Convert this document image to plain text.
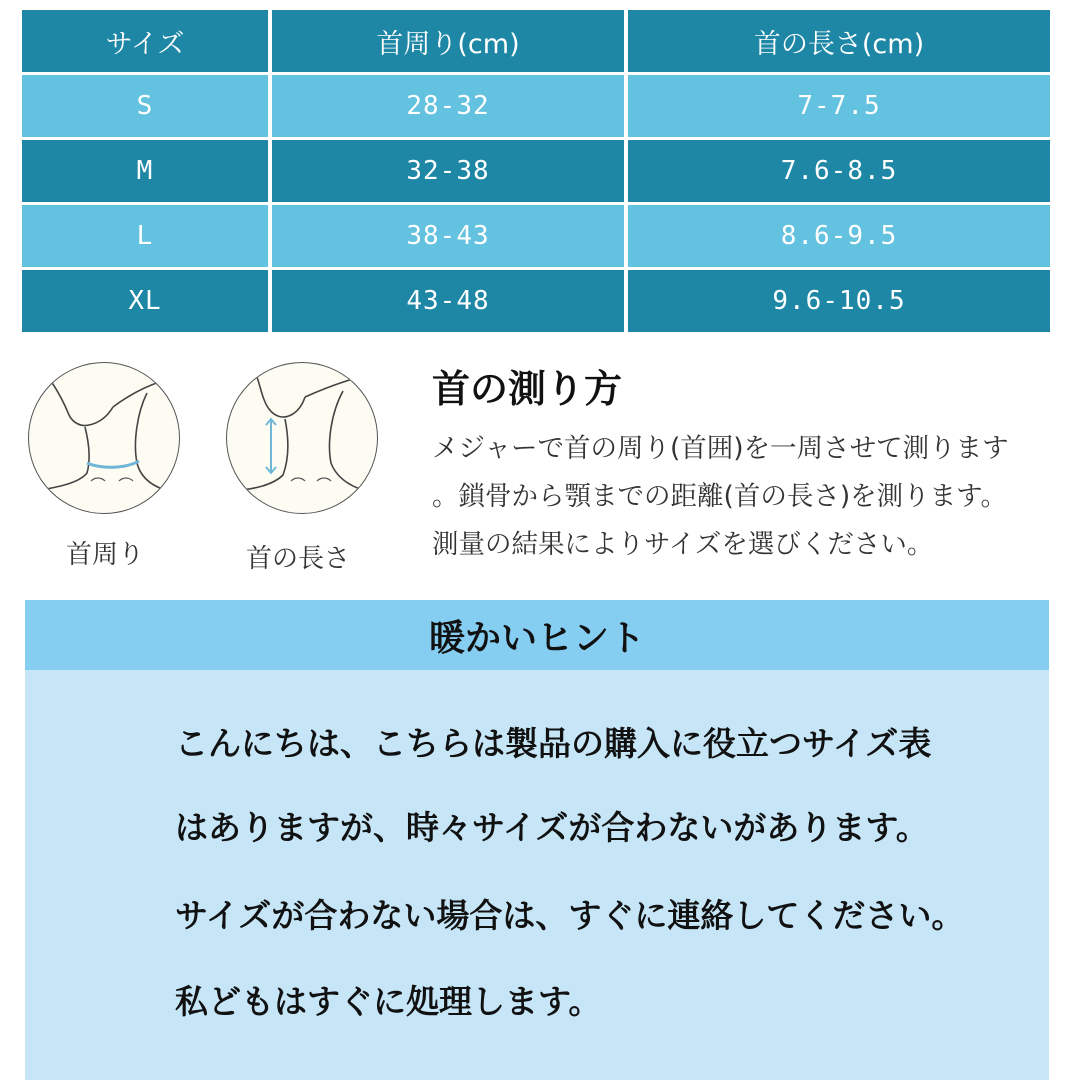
サイズ	首周り(cm)	首の長さ(cm)
S	28-32	7-7.5
M	32-38	7.6-8.5
L	38-43	8.6-9.5
XL	43-48	9.6-10.5
首周り	首の長さ
首の測り方
メジャーで首の周り(首囲)を一周させて測ります
。鎖骨から顎までの距離(首の長さ)を測ります。
測量の結果によりサイズを選びください。
暖かいヒント
こんにちは、こちらは製品の購入に役立つサイズ表
はありますが、時々サイズが合わないがあります。
サイズが合わない場合は、すぐに連絡してください。
私どもはすぐに処理します。
